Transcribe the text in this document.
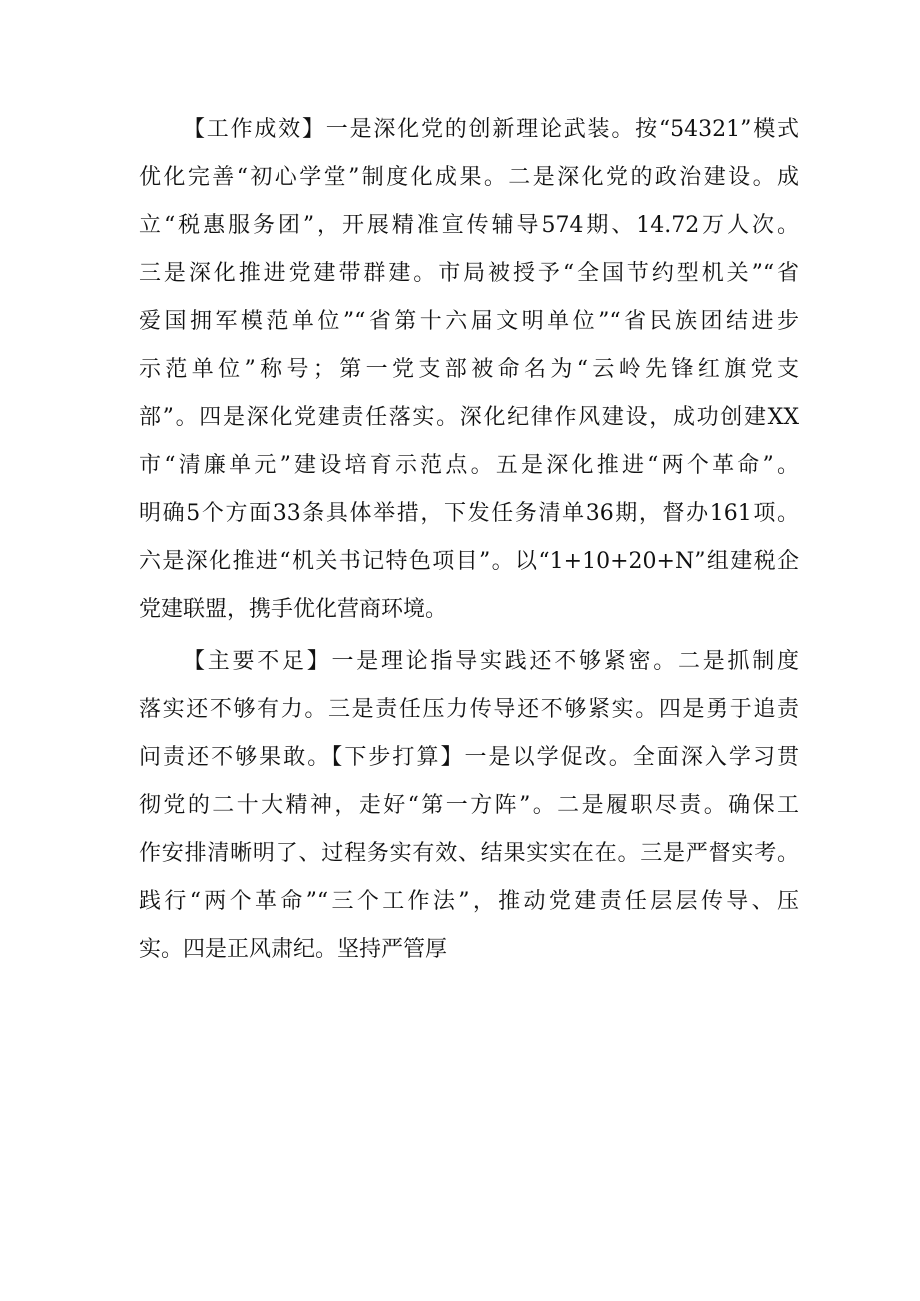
【工作成效】一是深化党的创新理论武装。按“54321”模式
优化完善“初心学堂”制度化成果。二是深化党的政治建设。成
立“税惠服务团”，开展精准宣传辅导574期、14.72万人次。
三是深化推进党建带群建。市局被授予“全国节约型机关”“省
爱国拥军模范单位”“省第十六届文明单位”“省民族团结进步
示范单位”称号；第一党支部被命名为“云岭先锋红旗党支
部”。四是深化党建责任落实。深化纪律作风建设，成功创建XX
市“清廉单元”建设培育示范点。五是深化推进“两个革命”。
明确5个方面33条具体举措，下发任务清单36期，督办161项。
六是深化推进“机关书记特色项目”。以“1+10+20+N”组建税企
党建联盟，携手优化营商环境。
【主要不足】一是理论指导实践还不够紧密。二是抓制度
落实还不够有力。三是责任压力传导还不够紧实。四是勇于追责
问责还不够果敢。【下步打算】一是以学促改。全面深入学习贯
彻党的二十大精神，走好“第一方阵”。二是履职尽责。确保工
作安排清晰明了、过程务实有效、结果实实在在。三是严督实考。
践行“两个革命”“三个工作法”，推动党建责任层层传导、压
实。四是正风肃纪。坚持严管厚
